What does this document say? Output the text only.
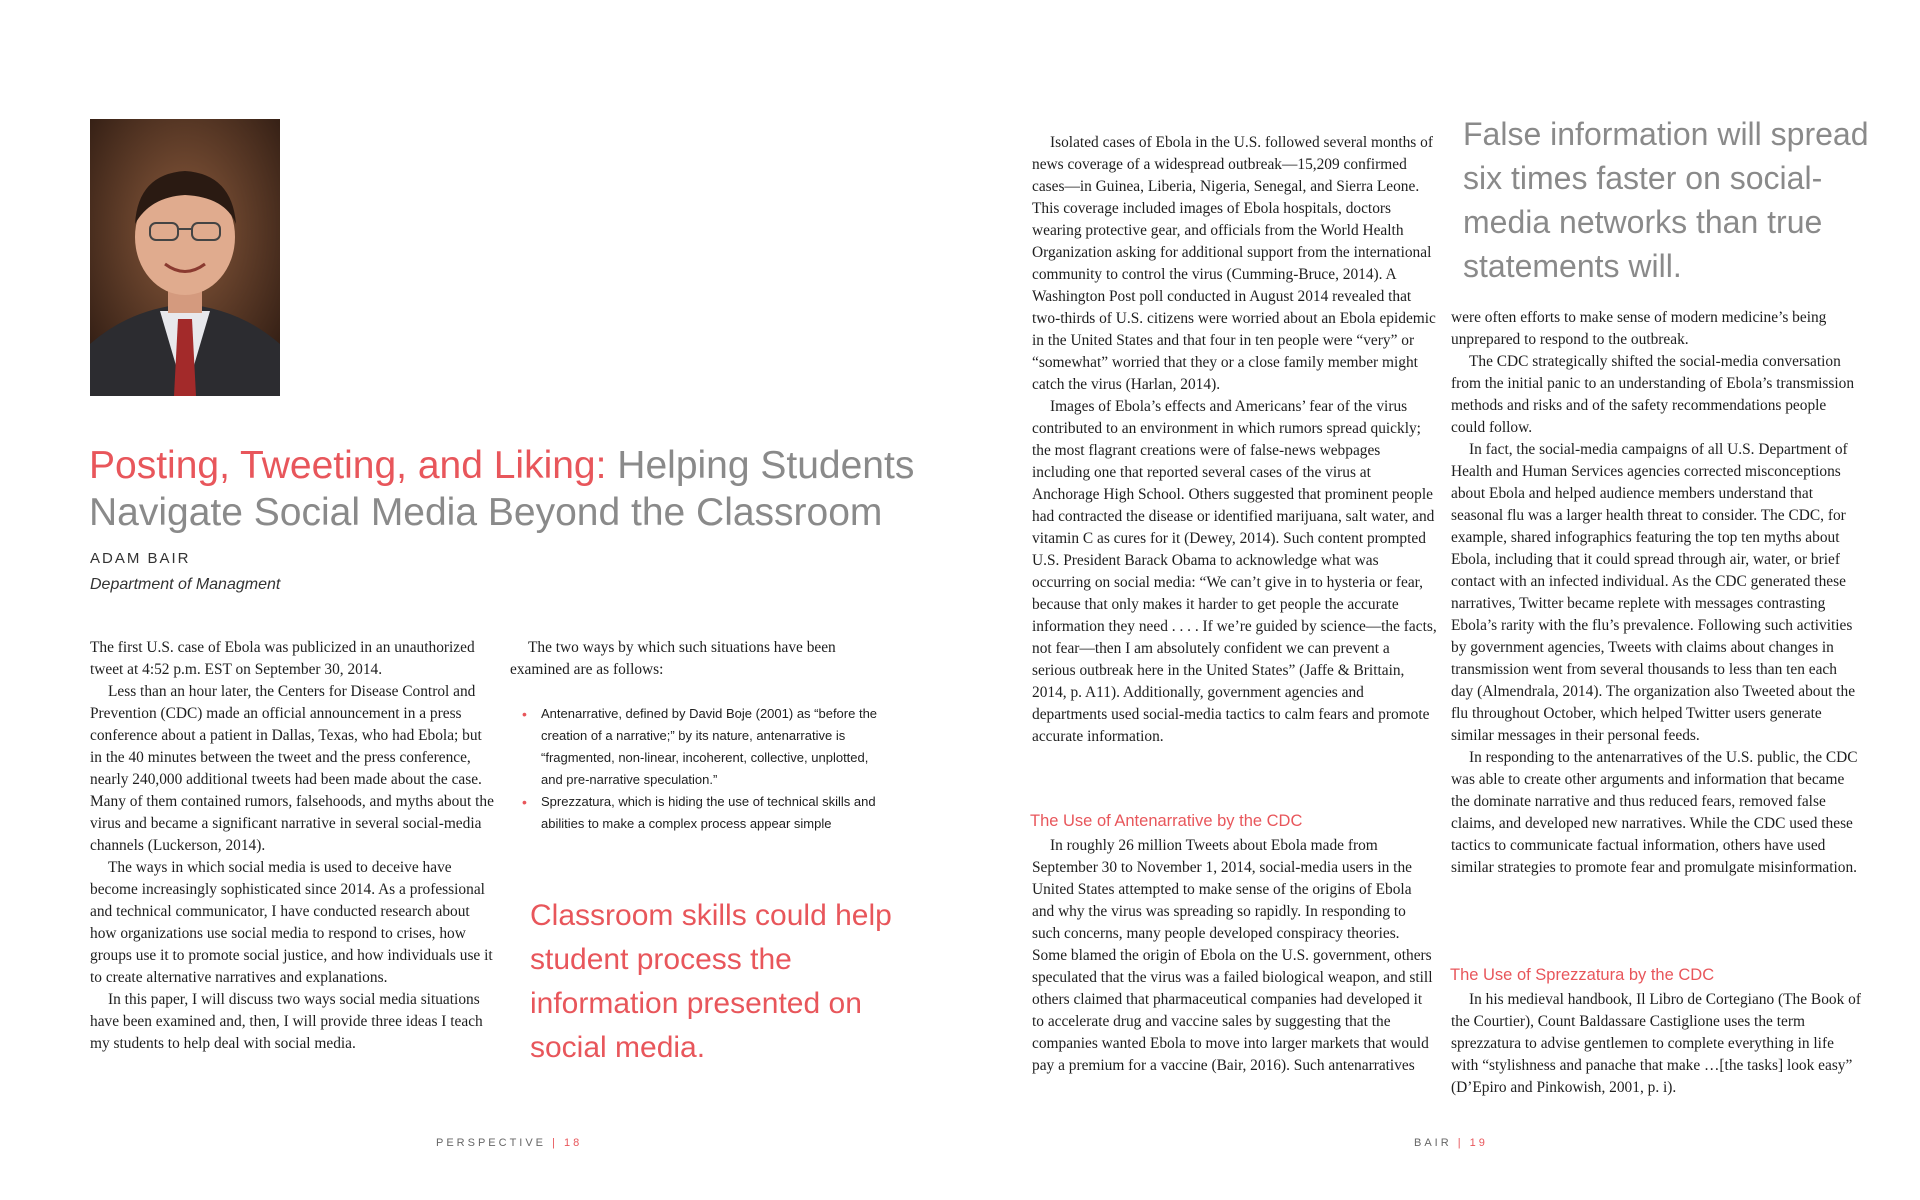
Posting, Tweeting, and Liking: Helping Students Navigate Social Media Beyond the Classroom
ADAM BAIR
Department of Managment

The first U.S. case of Ebola was publicized in an unauthorized tweet at 4:52 p.m. EST on September 30, 2014.

Less than an hour later, the Centers for Disease Control and Prevention (CDC) made an official announcement in a press conference about a patient in Dallas, Texas, who had Ebola; but in the 40 minutes between the tweet and the press conference, nearly 240,000 additional tweets had been made about the case. Many of them contained rumors, falsehoods, and myths about the virus and became a significant narrative in several social-media channels (Luckerson, 2014).

The ways in which social media is used to deceive have become increasingly sophisticated since 2014. As a professional and technical communicator, I have conducted research about how organizations use social media to respond to crises, how groups use it to promote social justice, and how individuals use it to create alternative narratives and explanations.

In this paper, I will discuss two ways social media situations have been examined and, then, I will provide three ideas I teach my students to help deal with social media.

The two ways by which such situations have been examined are as follows:

• Antenarrative, defined by David Boje (2001) as “before the creation of a narrative;” by its nature, antenarrative is “fragmented, non-linear, incoherent, collective, unplotted, and pre-narrative speculation.”
• Sprezzatura, which is hiding the use of technical skills and abilities to make a complex process appear simple
Classroom skills could help student process the information presented on social media.
False information will spread six times faster on social-media networks than true statements will.

Isolated cases of Ebola in the U.S. followed several months of news coverage of a widespread outbreak—15,209 confirmed cases—in Guinea, Liberia, Nigeria, Senegal, and Sierra Leone. This coverage included images of Ebola hospitals, doctors wearing protective gear, and officials from the World Health Organization asking for additional support from the international community to control the virus (Cumming-Bruce, 2014). A Washington Post poll conducted in August 2014 revealed that two-thirds of U.S. citizens were worried about an Ebola epidemic in the United States and that four in ten people were “very” or “somewhat” worried that they or a close family member might catch the virus (Harlan, 2014).

Images of Ebola’s effects and Americans’ fear of the virus contributed to an environment in which rumors spread quickly; the most flagrant creations were of false-news webpages including one that reported several cases of the virus at Anchorage High School. Others suggested that prominent people had contracted the disease or identified marijuana, salt water, and vitamin C as cures for it (Dewey, 2014). Such content prompted U.S. President Barack Obama to acknowledge what was occurring on social media: “We can’t give in to hysteria or fear, because that only makes it harder to get people the accurate information they need . . . . If we’re guided by science—the facts, not fear—then I am absolutely confident we can prevent a serious outbreak here in the United States” (Jaffe & Brittain, 2014, p. A11). Additionally, government agencies and departments used social-media tactics to calm fears and promote accurate information.

The Use of Antenarrative by the CDC

In roughly 26 million Tweets about Ebola made from September 30 to November 1, 2014, social-media users in the United States attempted to make sense of the origins of Ebola and why the virus was spreading so rapidly. In responding to such concerns, many people developed conspiracy theories. Some blamed the origin of Ebola on the U.S. government, others speculated that the virus was a failed biological weapon, and still others claimed that pharmaceutical companies had developed it to accelerate drug and vaccine sales by suggesting that the companies wanted Ebola to move into larger markets that would pay a premium for a vaccine (Bair, 2016). Such antenarratives

were often efforts to make sense of modern medicine’s being unprepared to respond to the outbreak.

The CDC strategically shifted the social-media conversation from the initial panic to an understanding of Ebola’s transmission methods and risks and of the safety recommendations people could follow.

In fact, the social-media campaigns of all U.S. Department of Health and Human Services agencies corrected misconceptions about Ebola and helped audience members understand that seasonal flu was a larger health threat to consider. The CDC, for example, shared infographics featuring the top ten myths about Ebola, including that it could spread through air, water, or brief contact with an infected individual. As the CDC generated these narratives, Twitter became replete with messages contrasting Ebola’s rarity with the flu’s prevalence. Following such activities by government agencies, Tweets with claims about changes in transmission went from several thousands to less than ten each day (Almendrala, 2014). The organization also Tweeted about the flu throughout October, which helped Twitter users generate similar messages in their personal feeds.

In responding to the antenarratives of the U.S. public, the CDC was able to create other arguments and information that became the dominate narrative and thus reduced fears, removed false claims, and developed new narratives. While the CDC used these tactics to communicate factual information, others have used similar strategies to promote fear and promulgate misinformation.

The Use of Sprezzatura by the CDC

In his medieval handbook, Il Libro de Cortegiano (The Book of the Courtier), Count Baldassare Castiglione uses the term sprezzatura to advise gentlemen to complete everything in life with “stylishness and panache that make …[the tasks] look easy” (D’Epiro and Pinkowish, 2001, p. i).

PERSPECTIVE | 18	BAIR | 19
